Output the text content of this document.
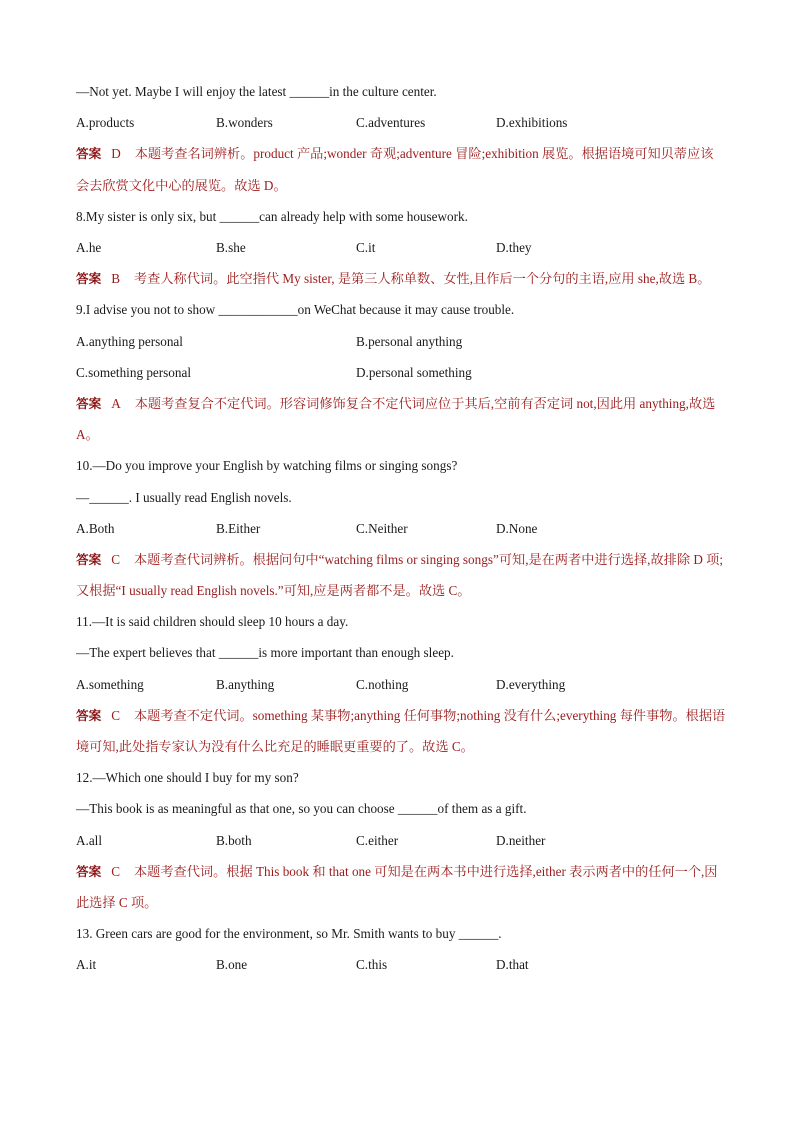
—Not yet. Maybe I will enjoy the latest ______in the culture center.
A.products	B.wonders	C.adventures	D.exhibitions
答案 D 本题考查名词辨析。product 产品;wonder 奇观;adventure 冒险;exhibition 展览。根据语境可知贝蒂应该会去欣赏文化中心的展览。故选 D。
8.My sister is only six, but ______can already help with some housework.
A.he	B.she	C.it	D.they
答案 B 考查人称代词。此空指代 My sister, 是第三人称单数、女性,且作后一个分句的主语,应用 she,故选 B。
9.I advise you not to show ____________on WeChat because it may cause trouble.
A.anything personal	B.personal anything
C.something personal	D.personal something
答案 A 本题考查复合不定代词。形容词修饰复合不定代词应位于其后,空前有否定词 not,因此用 anything,故选 A。
10.—Do you improve your English by watching films or singing songs?
—______. I usually read English novels.
A.Both	B.Either	C.Neither	D.None
答案 C 本题考查代词辨析。根据问句中“watching films or singing songs”可知,是在两者中进行选择,故排除 D 项;又根据“I usually read English novels.”可知,应是两者都不是。故选 C。
11.—It is said children should sleep 10 hours a day.
—The expert believes that ______is more important than enough sleep.
A.something	B.anything	C.nothing	D.everything
答案 C 本题考查不定代词。something 某事物;anything 任何事物;nothing 没有什么;everything 每件事物。根据语境可知,此处指专家认为没有什么比充足的睡眠更重要的了。故选 C。
12.—Which one should I buy for my son?
—This book is as meaningful as that one, so you can choose ______of them as a gift.
A.all	B.both	C.either	D.neither
答案 C 本题考查代词。根据 This book 和 that one 可知是在两本书中进行选择,either 表示两者中的任何一个,因此选择 C 项。
13. Green cars are good for the environment, so Mr. Smith wants to buy ______.
A.it	B.one	C.this	D.that
